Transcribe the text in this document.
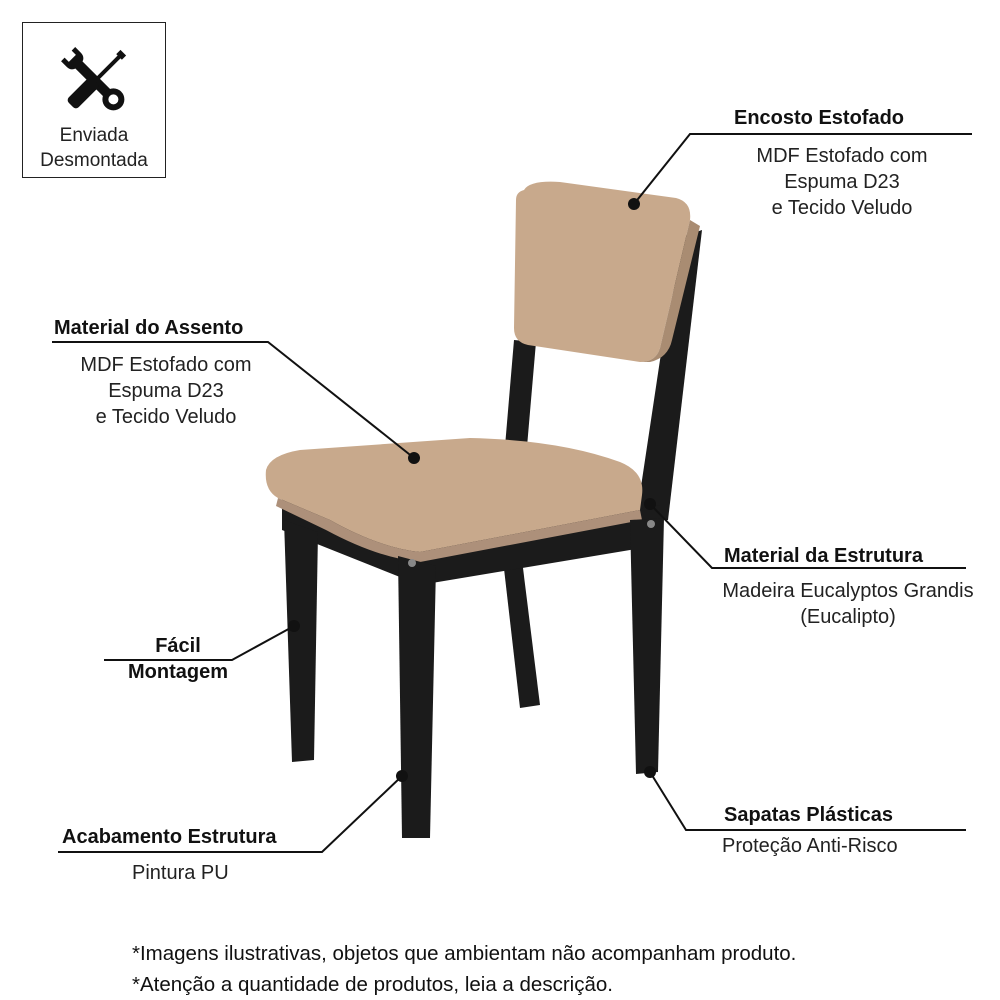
Enviada
Desmontada
Encosto Estofado
MDF Estofado com
Espuma D23
e Tecido Veludo
Material do Assento
MDF Estofado com
Espuma D23
e Tecido Veludo
Material da Estrutura
Madeira Eucalyptos Grandis
(Eucalipto)
Fácil
Montagem
Acabamento Estrutura
Pintura PU
Sapatas Plásticas
Proteção Anti-Risco
*Imagens ilustrativas, objetos que ambientam não acompanham produto.
*Atenção a quantidade de produtos, leia a descrição.
